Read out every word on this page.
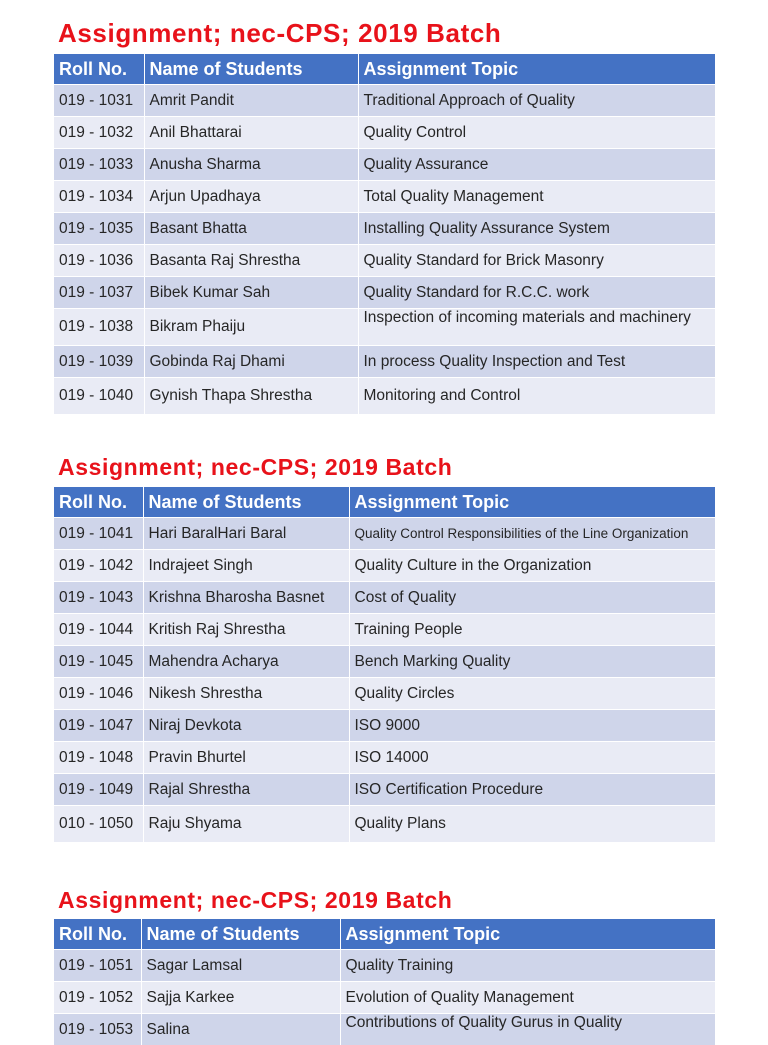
Assignment; nec-CPS; 2019 Batch
Roll No.	Name of Students	Assignment Topic
019 - 1031	Amrit Pandit	Traditional Approach of Quality
019 - 1032	Anil Bhattarai	Quality Control
019 - 1033	Anusha Sharma	Quality Assurance
019 - 1034	Arjun Upadhaya	Total Quality Management
019 - 1035	Basant Bhatta	Installing Quality Assurance System
019 - 1036	Basanta Raj Shrestha	Quality Standard for Brick Masonry
019 - 1037	Bibek Kumar Sah	Quality Standard for R.C.C. work
019 - 1038	Bikram Phaiju	Inspection of incoming materials and machinery
019 - 1039	Gobinda Raj Dhami	In process Quality Inspection and Test
019 - 1040	Gynish Thapa Shrestha	Monitoring and Control
Assignment; nec-CPS; 2019 Batch
Roll No.	Name of Students	Assignment Topic
019 - 1041	Hari BaralHari Baral	Quality Control Responsibilities of the Line Organization
019 - 1042	Indrajeet Singh	Quality Culture in the Organization
019 - 1043	Krishna Bharosha Basnet	Cost of Quality
019 - 1044	Kritish Raj Shrestha	Training People
019 - 1045	Mahendra Acharya	Bench Marking Quality
019 - 1046	Nikesh Shrestha	Quality Circles
019 - 1047	Niraj Devkota	ISO 9000
019 - 1048	Pravin Bhurtel	ISO 14000
019 - 1049	Rajal Shrestha	ISO Certification Procedure
010 - 1050	Raju Shyama	Quality Plans
Assignment; nec-CPS; 2019 Batch
Roll No.	Name of Students	Assignment Topic
019 - 1051	Sagar Lamsal	Quality Training
019 - 1052	Sajja Karkee	Evolution of Quality Management
019 - 1053	Salina	Contributions of Quality Gurus in Quality
